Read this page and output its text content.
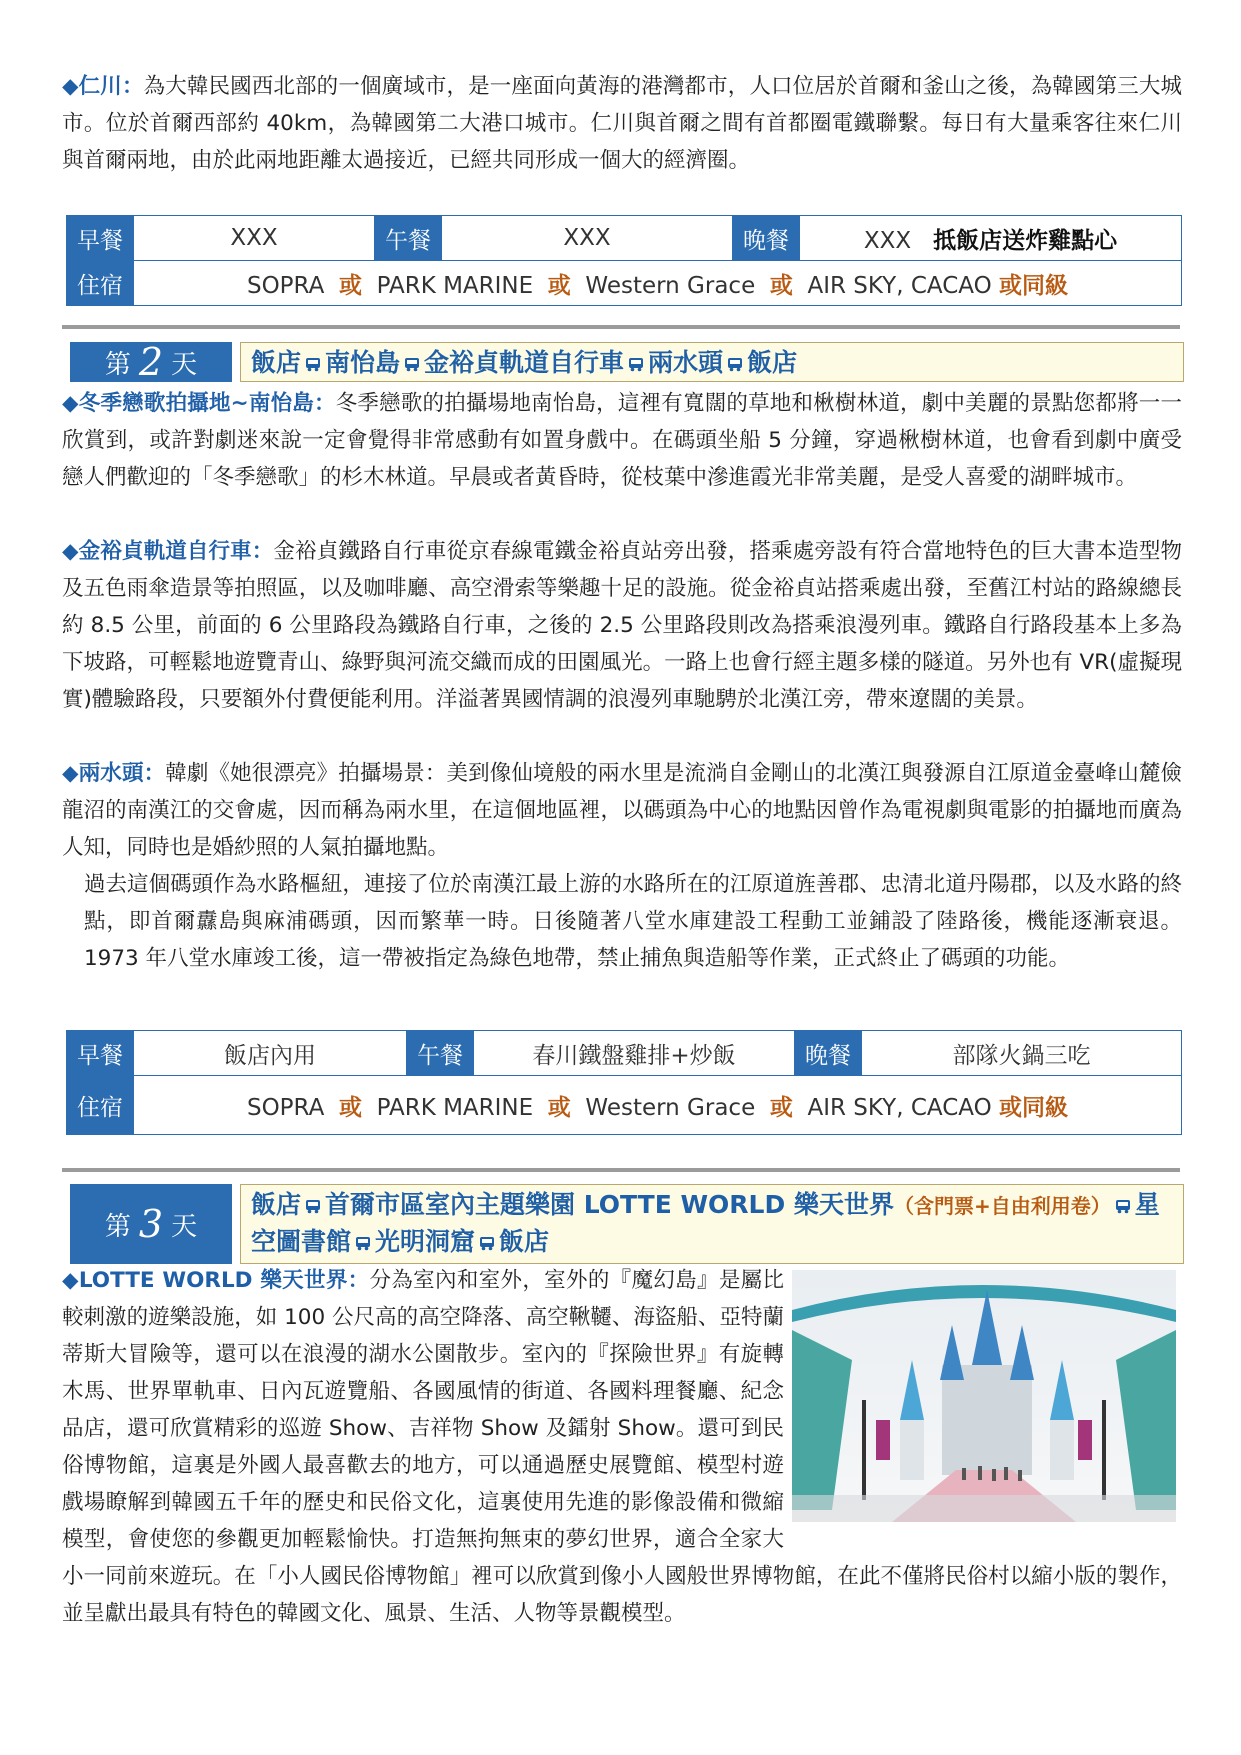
◆仁川：為大韓民國西北部的一個廣域市，是一座面向黃海的港灣都市，人口位居於首爾和釜山之後，為韓國第三大城市。位於首爾西部約 40km，為韓國第二大港口城市。仁川與首爾之間有首都圈電鐵聯繫。每日有大量乘客往來仁川與首爾兩地，由於此兩地距離太過接近，已經共同形成一個大的經濟圈。

早餐	XXX	午餐	XXX	晚餐	XXX 抵飯店送炸雞點心
住宿	SOPRA 或 PARK MARINE 或 Western Grace 或 AIR SKY, CACAO 或同級				
第 2 天	飯店 南怡島 金裕貞軌道自行車 兩水頭 飯店

◆冬季戀歌拍攝地~南怡島：冬季戀歌的拍攝場地南怡島，這裡有寬闊的草地和楸樹林道，劇中美麗的景點您都將一一欣賞到，或許對劇迷來說一定會覺得非常感動有如置身戲中。在碼頭坐船 5 分鐘，穿過楸樹林道，也會看到劇中廣受戀人們歡迎的「冬季戀歌」的杉木林道。早晨或者黃昏時，從枝葉中滲進霞光非常美麗，是受人喜愛的湖畔城市。

◆金裕貞軌道自行車：金裕貞鐵路自行車從京春線電鐵金裕貞站旁出發，搭乘處旁設有符合當地特色的巨大書本造型物及五色雨傘造景等拍照區，以及咖啡廳、高空滑索等樂趣十足的設施。從金裕貞站搭乘處出發，至舊江村站的路線總長約 8.5 公里，前面的 6 公里路段為鐵路自行車，之後的 2.5 公里路段則改為搭乘浪漫列車。鐵路自行路段基本上多為下坡路，可輕鬆地遊覽青山、綠野與河流交織而成的田園風光。一路上也會行經主題多樣的隧道。另外也有 VR(虛擬現實)體驗路段，只要額外付費便能利用。洋溢著異國情調的浪漫列車馳騁於北漢江旁，帶來遼闊的美景。

◆兩水頭：韓劇《她很漂亮》拍攝場景：美到像仙境般的兩水里是流淌自金剛山的北漢江與發源自江原道金臺峰山麓儉龍沼的南漢江的交會處，因而稱為兩水里，在這個地區裡，以碼頭為中心的地點因曾作為電視劇與電影的拍攝地而廣為人知，同時也是婚紗照的人氣拍攝地點。

過去這個碼頭作為水路樞紐，連接了位於南漢江最上游的水路所在的江原道旌善郡、忠清北道丹陽郡，以及水路的終點，即首爾纛島與麻浦碼頭，因而繁華一時。日後隨著八堂水庫建設工程動工並鋪設了陸路後，機能逐漸衰退。1973 年八堂水庫竣工後，這一帶被指定為綠色地帶，禁止捕魚與造船等作業，正式終止了碼頭的功能。

早餐	飯店內用	午餐	春川鐵盤雞排+炒飯	晚餐	部隊火鍋三吃
住宿	SOPRA 或 PARK MARINE 或 Western Grace 或 AIR SKY, CACAO 或同級				
第 3 天
飯店 首爾市區室內主題樂園 LOTTE WORLD 樂天世界（含門票+自由利用卷） 星空圖書館 光明洞窟 飯店

◆LOTTE WORLD 樂天世界：分為室內和室外，室外的『魔幻島』是屬比較刺激的遊樂設施，如 100 公尺高的高空降落、高空鞦韆、海盜船、亞特蘭蒂斯大冒險等，還可以在浪漫的湖水公園散步。室內的『探險世界』有旋轉木馬、世界單軌車、日內瓦遊覽船、各國風情的街道、各國料理餐廳、紀念品店，還可欣賞精彩的巡遊 Show、吉祥物 Show 及鐳射 Show。還可到民俗博物館，這裏是外國人最喜歡去的地方，可以通過歷史展覽館、模型村遊戲場瞭解到韓國五千年的歷史和民俗文化，這裏使用先進的影像設備和微縮模型，會使您的參觀更加輕鬆愉快。打造無拘無束的夢幻世界，適合全家大小一同前來遊玩。在「小人國民俗博物館」裡可以欣賞到像小人國般世界博物館，在此不僅將民俗村以縮小版的製作，並呈獻出最具有特色的韓國文化、風景、生活、人物等景觀模型。
